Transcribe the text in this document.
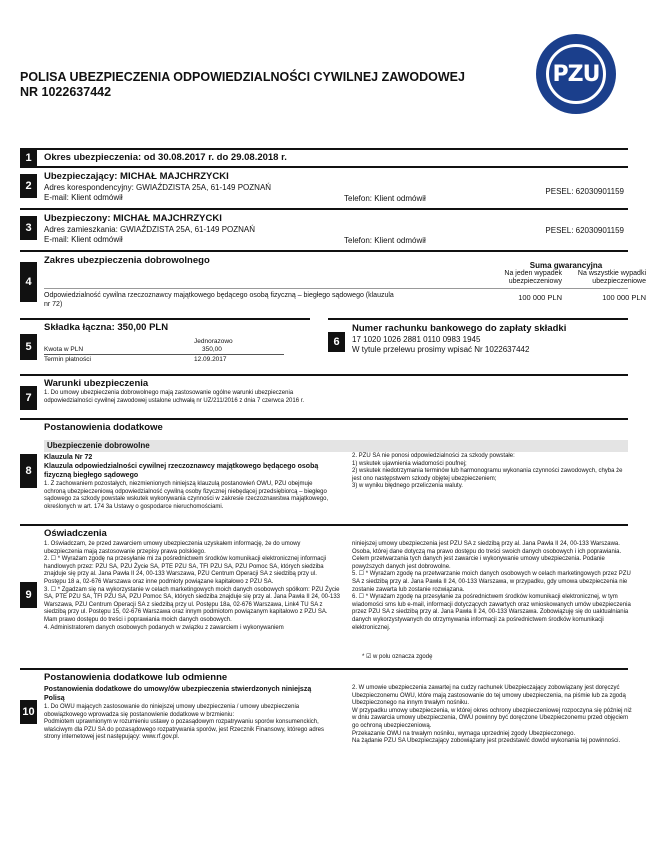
POLISA UBEZPIECZENIA ODPOWIEDZIALNOŚCI CYWILNEJ ZAWODOWEJ
NR 1022637442
PZU
1	Okres ubezpieczenia: od 30.08.2017 r. do 29.08.2018 r.
2
Ubezpieczający: MICHAŁ MAJCHRZYCKI
Adres korespondencyjny: GWIAŹDZISTA 25A, 61-149 POZNAŃ
E-mail: Klient odmówił	Telefon: Klient odmówił
PESEL: 62030901159
3
Ubezpieczony: MICHAŁ MAJCHRZYCKI
Adres zamieszkania: GWIAŹDZISTA 25A, 61-149 POZNAŃ
E-mail: Klient odmówił	Telefon: Klient odmówił
PESEL: 62030901159
4
Zakres ubezpieczenia dobrowolnego	Suma gwarancyjna
Na jeden wypadek ubezpieczeniowy
Na wszystkie wypadki ubezpieczeniowe
Odpowiedzialność cywilna rzeczoznawcy majątkowego będącego osobą fizyczną – biegłego sądowego (klauzula nr 72)
100 000 PLN	100 000 PLN
5
Składka łączna: 350,00 PLN
Jednorazowo
Kwota w PLN	350,00
Termin płatności	12.09.2017
6
Numer rachunku bankowego do zapłaty składki
17 1020 1026 2881 0110 0983 1945
W tytule przelewu prosimy wpisać Nr 1022637442
7
Warunki ubezpieczenia
1. Do umowy ubezpieczenia dobrowolnego mają zastosowanie ogólne warunki ubezpieczenia odpowiedzialności cywilnej zawodowej ustalone uchwałą nr UZ/211/2016 z dnia 7 czerwca 2016 r.
8
Postanowienia dodatkowe
Ubezpieczenie dobrowolne
Klauzula Nr 72
Klauzula odpowiedzialności cywilnej rzeczoznawcy majątkowego będącego osobą fizyczną biegłego sądowego
1. Z zachowaniem pozostałych, niezmienionych niniejszą klauzulą postanowień OWU, PZU obejmuje ochroną ubezpieczeniową odpowiedzialność cywilną osoby fizycznej niebędącej przedsiębiorcą – biegłego sądowego za szkody powstałe wskutek wykonywania czynności w zakresie rzeczoznawstwa majątkowego, określonych w art. 174 3a Ustawy o gospodarce nieruchomościami.
2. PZU SA nie ponosi odpowiedzialności za szkody powstałe:
1) wskutek ujawnienia wiadomości poufnej;
2) wskutek niedotrzymania terminów lub harmonogramu wykonania czynności zawodowych, chyba że jest ono następstwem szkody objętej ubezpieczeniem;
3) w wyniku błędnego przeliczenia waluty.
9
Oświadczenia
1. Oświadczam, że przed zawarciem umowy ubezpieczenia uzyskałem informację, że do umowy ubezpieczenia mają zastosowanie przepisy prawa polskiego.
2. ☐ * Wyrażam zgodę na przesyłanie mi za pośrednictwem środków komunikacji elektronicznej informacji handlowych przez: PZU SA, PZU Życie SA, PTE PZU SA, TFI PZU SA, PZU Pomoc SA, których siedziba znajduje się przy al. Jana Pawła II 24, 00-133 Warszawa, PZU Centrum Operacji SA z siedzibą przy ul. Postępu 18 a, 02-676 Warszawa oraz inne podmioty powiązane kapitałowo z PZU SA.
3. ☐ * Zgadzam się na wykorzystanie w celach marketingowych moich danych osobowych spółkom: PZU Życie SA, PTE PZU SA, TFI PZU SA, PZU Pomoc SA, których siedziba znajduje się przy al. Jana Pawła II 24, 00-133 Warszawa, PZU Centrum Operacji SA z siedzibą przy ul. Postępu 18a, 02-676 Warszawa, Link4 TU SA z siedzibą przy ul. Postępu 15, 02-676 Warszawa oraz innym podmiotom powiązanym kapitałowo z PZU SA. Mam prawo dostępu do treści i poprawiania moich danych osobowych.
4. Administratorem danych osobowych podanych w związku z zawarciem i wykonywaniem
niniejszej umowy ubezpieczenia jest PZU SA z siedzibą przy al. Jana Pawła II 24, 00-133 Warszawa. Osoba, której dane dotyczą ma prawo dostępu do treści swoich danych osobowych i ich poprawiania. Celem przetwarzania tych danych jest zawarcie i wykonywanie umowy ubezpieczenia. Podanie powyższych danych jest dobrowolne.
5. ☐ * Wyrażam zgodę na przetwarzanie moich danych osobowych w celach marketingowych przez PZU SA z siedzibą przy al. Jana Pawła II 24, 00-133 Warszawa, w przypadku, gdy umowa ubezpieczenia nie zostanie zawarta lub zostanie rozwiązana.
6. ☐ * Wyrażam zgodę na przesyłanie za pośrednictwem środków komunikacji elektronicznej, w tym wiadomości sms lub e-mail, informacji dotyczących zawartych oraz wnioskowanych umów ubezpieczenia przez PZU SA z siedzibą przy al. Jana Pawła II 24, 00-133 Warszawa. Zobowiązuję się do uaktualniania danych wykorzystywanych do otrzymywania informacji za pośrednictwem środków komunikacji elektronicznej.
* ☑ w polu oznacza zgodę
10
Postanowienia dodatkowe lub odmienne
Postanowienia dodatkowe do umowy/ów ubezpieczenia stwierdzonych niniejszą Polisą
1. Do OWU mających zastosowanie do niniejszej umowy ubezpieczenia / umowy ubezpieczenia obowiązkowego wprowadza się postanowienie dodatkowe w brzmieniu:
Podmiotem uprawnionym w rozumieniu ustawy o pozasądowym rozpatrywaniu sporów konsumenckich, właściwym dla PZU SA do pozasądowego rozpatrywania sporów, jest Rzecznik Finansowy, którego adres strony internetowej jest następujący: www.rf.gov.pl.
2. W umowie ubezpieczenia zawartej na cudzy rachunek Ubezpieczający zobowiązany jest doręczyć Ubezpieczonemu OWU, które mają zastosowanie do tej umowy ubezpieczenia, na piśmie lub za zgodą Ubezpieczonego na innym trwałym nośniku.
W przypadku umowy ubezpieczenia, w której okres ochrony ubezpieczeniowej rozpoczyna się później niż w dniu zawarcia umowy ubezpieczenia, OWU powinny być doręczone Ubezpieczonemu przed objęciem go ochroną ubezpieczeniową.
Przekazanie OWU na trwałym nośniku, wymaga uprzedniej zgody Ubezpieczonego.
Na żądanie PZU SA Ubezpieczający zobowiązany jest przedstawić dowód wykonania tej powinności.
